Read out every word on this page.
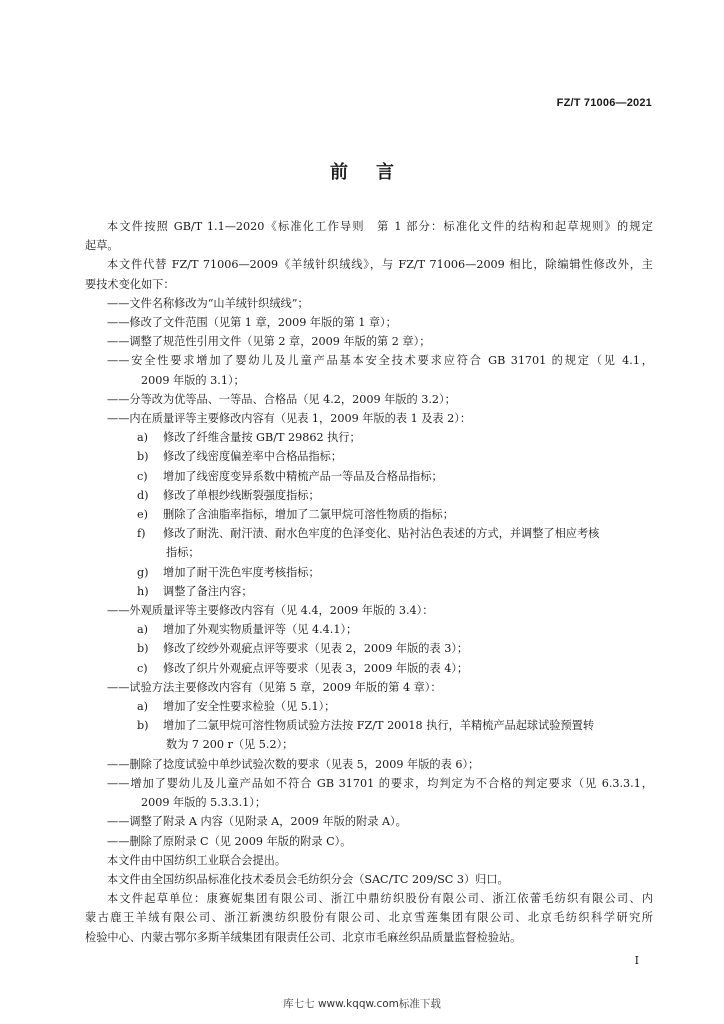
FZ/T 71006—2021
前 言
本文件按照 GB/T 1.1—2020《标准化工作导则　第 1 部分：标准化文件的结构和起草规则》的规定
起草。
本文件代替 FZ/T 71006—2009《羊绒针织绒线》，与 FZ/T 71006—2009 相比，除编辑性修改外，主
要技术变化如下：
——文件名称修改为“山羊绒针织绒线”；
——修改了文件范围（见第 1 章，2009 年版的第 1 章）；
——调整了规范性引用文件（见第 2 章，2009 年版的第 2 章）；
——安全性要求增加了婴幼儿及儿童产品基本安全技术要求应符合 GB 31701 的规定（见 4.1，
2009 年版的 3.1）；
——分等改为优等品、一等品、合格品（见 4.2，2009 年版的 3.2）；
——内在质量评等主要修改内容有（见表 1，2009 年版的表 1 及表 2）：
a) 修改了纤维含量按 GB/T 29862 执行；
b) 修改了线密度偏差率中合格品指标；
c) 增加了线密度变异系数中精梳产品一等品及合格品指标；
d) 修改了单根纱线断裂强度指标；
e) 删除了含油脂率指标，增加了二氯甲烷可溶性物质的指标；
f) 修改了耐洗、耐汗渍、耐水色牢度的色泽变化、贴衬沾色表述的方式，并调整了相应考核
指标；
g) 增加了耐干洗色牢度考核指标；
h) 调整了备注内容；
——外观质量评等主要修改内容有（见 4.4，2009 年版的 3.4）：
a) 增加了外观实物质量评等（见 4.4.1）；
b) 修改了绞纱外观疵点评等要求（见表 2，2009 年版的表 3）；
c) 修改了织片外观疵点评等要求（见表 3，2009 年版的表 4）；
——试验方法主要修改内容有（见第 5 章，2009 年版的第 4 章）：
a) 增加了安全性要求检验（见 5.1）；
b) 增加了二氯甲烷可溶性物质试验方法按 FZ/T 20018 执行，羊精梳产品起球试验预置转
数为 7 200 r（见 5.2）；
——删除了捻度试验中单纱试验次数的要求（见表 5，2009 年版的表 6）；
——增加了婴幼儿及儿童产品如不符合 GB 31701 的要求，均判定为不合格的判定要求（见 6.3.3.1，
2009 年版的 5.3.3.1）；
——调整了附录 A 内容（见附录 A，2009 年版的附录 A）。
——删除了原附录 C（见 2009 年版的附录 C）。
本文件由中国纺织工业联合会提出。
本文件由全国纺织品标准化技术委员会毛纺织分会（SAC/TC 209/SC 3）归口。
本文件起草单位：康赛妮集团有限公司、浙江中鼎纺织股份有限公司、浙江依蕾毛纺织有限公司、内
蒙古鹿王羊绒有限公司、浙江新澳纺织股份有限公司、北京雪莲集团有限公司、北京毛纺织科学研究所
检验中心、内蒙古鄂尔多斯羊绒集团有限责任公司、北京市毛麻丝织品质量监督检验站。
I
库七七 www.kqqw.com标准下载
